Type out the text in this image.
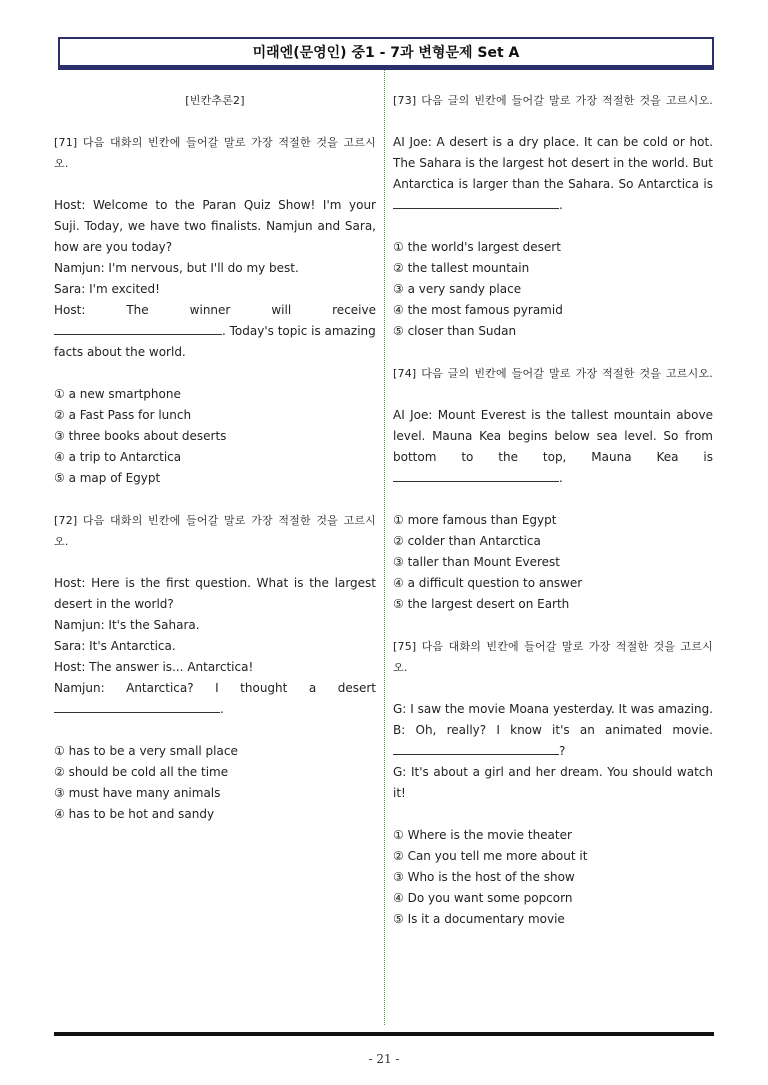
미래엔(문영인) 중1 - 7과 변형문제 Set A
[빈칸추론2]
[71] 다음 대화의 빈칸에 들어갈 말로 가장 적절한 것을 고르시
오.
Host: Welcome to the Paran Quiz Show! I'm your
Suji. Today, we have two finalists. Namjun and Sara,
how are you today?
Namjun: I'm nervous, but I'll do my best.
Sara: I'm excited!
Host: The winner will receive
. Today's topic is amazing
facts about the world.
① a new smartphone
② a Fast Pass for lunch
③ three books about deserts
④ a trip to Antarctica
⑤ a map of Egypt
[72] 다음 대화의 빈칸에 들어갈 말로 가장 적절한 것을 고르시
오.
Host: Here is the first question. What is the largest
desert in the world?
Namjun: It's the Sahara.
Sara: It's Antarctica.
Host: The answer is... Antarctica!
Namjun: Antarctica? I thought a desert
.
① has to be a very small place
② should be cold all the time
③ must have many animals
④ has to be hot and sandy
[73] 다음 글의 빈칸에 들어갈 말로 가장 적절한 것을 고르시오.
AI Joe: A desert is a dry place. It can be cold or hot.
The Sahara is the largest hot desert in the world. But
Antarctica is larger than the Sahara. So Antarctica is
.
① the world's largest desert
② the tallest mountain
③ a very sandy place
④ the most famous pyramid
⑤ closer than Sudan
[74] 다음 글의 빈칸에 들어갈 말로 가장 적절한 것을 고르시오.
AI Joe: Mount Everest is the tallest mountain above
level. Mauna Kea begins below sea level. So from
bottom to the top, Mauna Kea is
.
① more famous than Egypt
② colder than Antarctica
③ taller than Mount Everest
④ a difficult question to answer
⑤ the largest desert on Earth
[75] 다음 대화의 빈칸에 들어갈 말로 가장 적절한 것을 고르시
오.
G: I saw the movie Moana yesterday. It was amazing.
B: Oh, really? I know it's an animated movie.
?
G: It's about a girl and her dream. You should watch
it!
① Where is the movie theater
② Can you tell me more about it
③ Who is the host of the show
④ Do you want some popcorn
⑤ Is it a documentary movie
- 21 -
